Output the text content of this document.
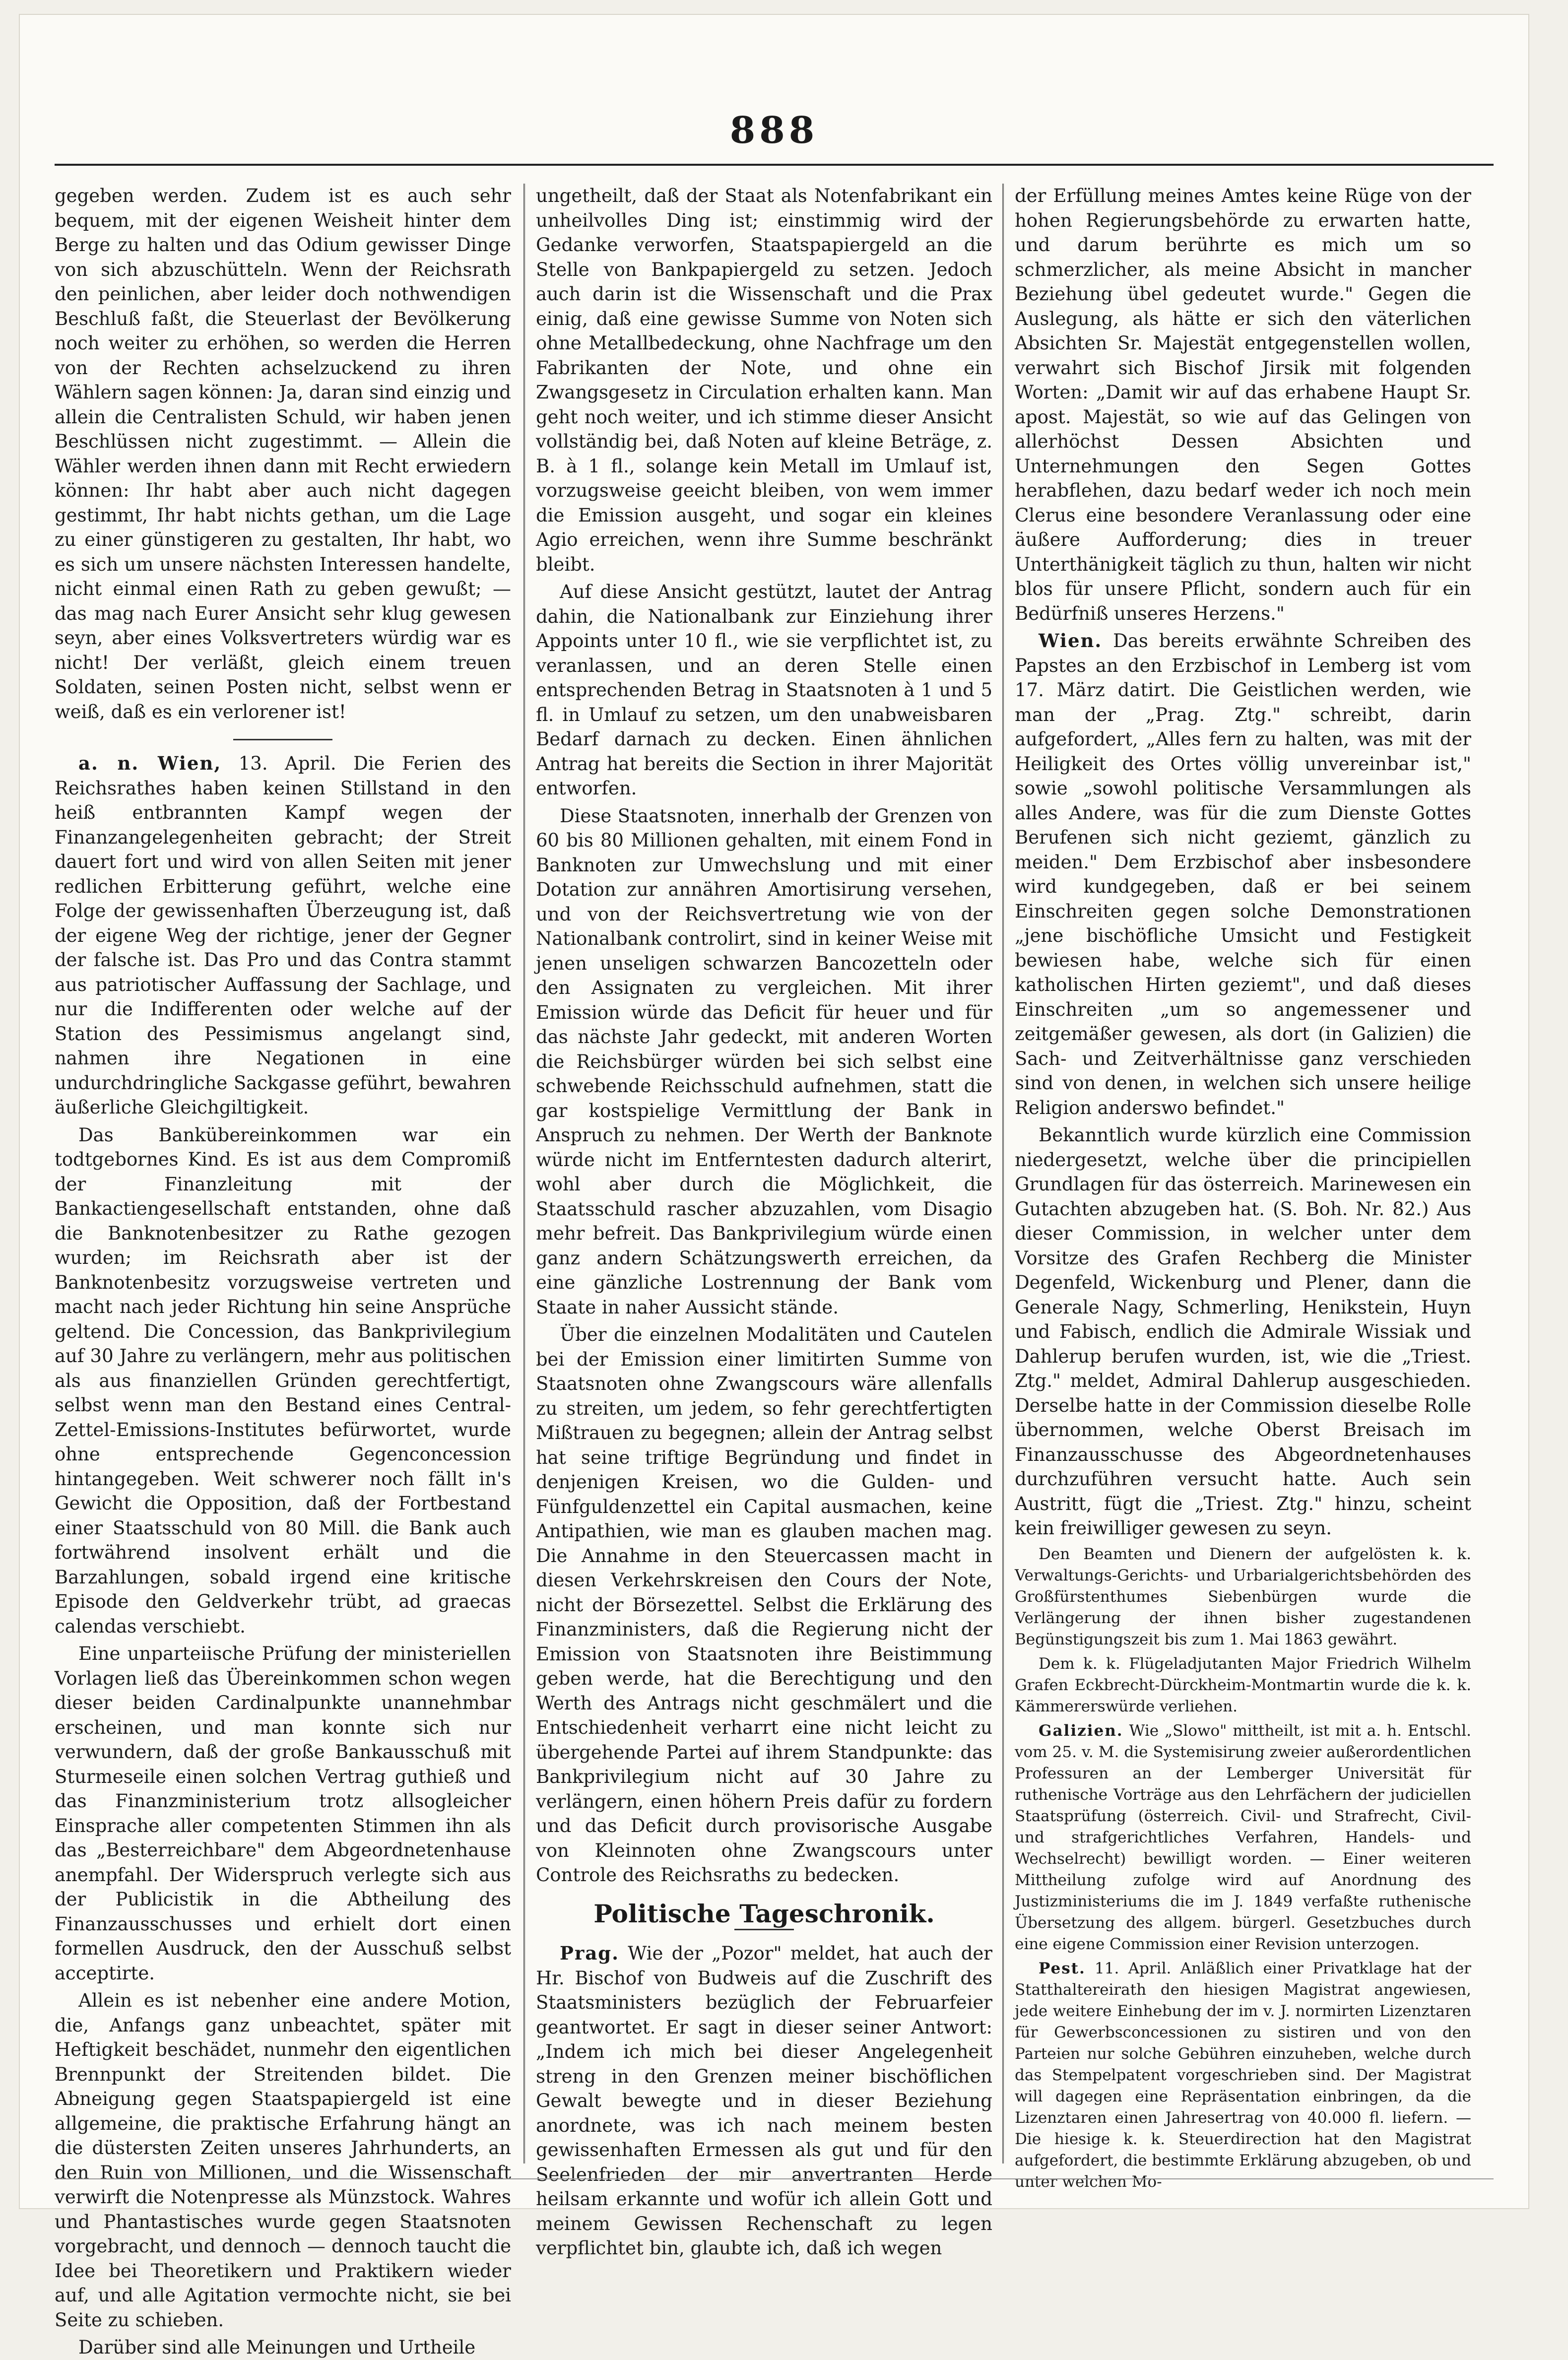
888

gegeben werden. Zudem ist es auch sehr bequem, mit der eigenen Weisheit hinter dem Berge zu halten und das Odium gewisser Dinge von sich abzuschütteln. Wenn der Reichsrath den peinlichen, aber leider doch nothwendigen Beschluß faßt, die Steuerlast der Bevölkerung noch weiter zu erhöhen, so werden die Herren von der Rechten achselzuckend zu ihren Wählern sagen können: Ja, daran sind einzig und allein die Centralisten Schuld, wir haben jenen Beschlüssen nicht zugestimmt. — Allein die Wähler werden ihnen dann mit Recht erwiedern können: Ihr habt aber auch nicht dagegen gestimmt, Ihr habt nichts gethan, um die Lage zu einer günstigeren zu gestalten, Ihr habt, wo es sich um unsere nächsten Interessen handelte, nicht einmal einen Rath zu geben gewußt; — das mag nach Eurer Ansicht sehr klug gewesen seyn, aber eines Volksvertreters würdig war es nicht! Der verläßt, gleich einem treuen Soldaten, seinen Posten nicht, selbst wenn er weiß, daß es ein verlorener ist!

a. n. Wien, 13. April. Die Ferien des Reichsrathes haben keinen Stillstand in den heiß entbrannten Kampf wegen der Finanzangelegenheiten gebracht; der Streit dauert fort und wird von allen Seiten mit jener redlichen Erbitterung geführt, welche eine Folge der gewissenhaften Überzeugung ist, daß der eigene Weg der richtige, jener der Gegner der falsche ist. Das Pro und das Contra stammt aus patriotischer Auffassung der Sachlage, und nur die Indifferenten oder welche auf der Station des Pessimismus angelangt sind, nahmen ihre Negationen in eine undurchdringliche Sackgasse geführt, bewahren äußerliche Gleichgiltigkeit.

Das Bankübereinkommen war ein todtgebornes Kind. Es ist aus dem Compromiß der Finanzleitung mit der Bankactiengesellschaft entstanden, ohne daß die Banknotenbesitzer zu Rathe gezogen wurden; im Reichsrath aber ist der Banknotenbesitz vorzugsweise vertreten und macht nach jeder Richtung hin seine Ansprüche geltend. Die Concession, das Bankprivilegium auf 30 Jahre zu verlängern, mehr aus politischen als aus finanziellen Gründen gerechtfertigt, selbst wenn man den Bestand eines Central-Zettel-Emissions-Institutes befürwortet, wurde ohne entsprechende Gegenconcession hintangegeben. Weit schwerer noch fällt in's Gewicht die Opposition, daß der Fortbestand einer Staatsschuld von 80 Mill. die Bank auch fortwährend insolvent erhält und die Barzahlungen, sobald irgend eine kritische Episode den Geldverkehr trübt, ad graecas calendas verschiebt.

Eine unparteiische Prüfung der ministeriellen Vorlagen ließ das Übereinkommen schon wegen dieser beiden Cardinalpunkte unannehmbar erscheinen, und man konnte sich nur verwundern, daß der große Bankausschuß mit Sturmeseile einen solchen Vertrag guthieß und das Finanzministerium trotz allsogleicher Einsprache aller competenten Stimmen ihn als das „Besterreichbare" dem Abgeordnetenhause anempfahl. Der Widerspruch verlegte sich aus der Publicistik in die Abtheilung des Finanzausschusses und erhielt dort einen formellen Ausdruck, den der Ausschuß selbst acceptirte.

Allein es ist nebenher eine andere Motion, die, Anfangs ganz unbeachtet, später mit Heftigkeit beschädet, nunmehr den eigentlichen Brennpunkt der Streitenden bildet. Die Abneigung gegen Staatspapiergeld ist eine allgemeine, die praktische Erfahrung hängt an die düstersten Zeiten unseres Jahrhunderts, an den Ruin von Millionen, und die Wissenschaft verwirft die Notenpresse als Münzstock. Wahres und Phantastisches wurde gegen Staatsnoten vorgebracht, und dennoch — dennoch taucht die Idee bei Theoretikern und Praktikern wieder auf, und alle Agitation vermochte nicht, sie bei Seite zu schieben.

Darüber sind alle Meinungen und Urtheile

ungetheilt, daß der Staat als Notenfabrikant ein unheilvolles Ding ist; einstimmig wird der Gedanke verworfen, Staatspapiergeld an die Stelle von Bankpapiergeld zu setzen. Jedoch auch darin ist die Wissenschaft und die Prax einig, daß eine gewisse Summe von Noten sich ohne Metallbedeckung, ohne Nachfrage um den Fabrikanten der Note, und ohne ein Zwangsgesetz in Circulation erhalten kann. Man geht noch weiter, und ich stimme dieser Ansicht vollständig bei, daß Noten auf kleine Beträge, z. B. à 1 fl., solange kein Metall im Umlauf ist, vorzugsweise geeicht bleiben, von wem immer die Emission ausgeht, und sogar ein kleines Agio erreichen, wenn ihre Summe beschränkt bleibt.

Auf diese Ansicht gestützt, lautet der Antrag dahin, die Nationalbank zur Einziehung ihrer Appoints unter 10 fl., wie sie verpflichtet ist, zu veranlassen, und an deren Stelle einen entsprechenden Betrag in Staatsnoten à 1 und 5 fl. in Umlauf zu setzen, um den unabweisbaren Bedarf darnach zu decken. Einen ähnlichen Antrag hat bereits die Section in ihrer Majorität entworfen.

Diese Staatsnoten, innerhalb der Grenzen von 60 bis 80 Millionen gehalten, mit einem Fond in Banknoten zur Umwechslung und mit einer Dotation zur annähren Amortisirung versehen, und von der Reichsvertretung wie von der Nationalbank controlirt, sind in keiner Weise mit jenen unseligen schwarzen Bancozetteln oder den Assignaten zu vergleichen. Mit ihrer Emission würde das Deficit für heuer und für das nächste Jahr gedeckt, mit anderen Worten die Reichsbürger würden bei sich selbst eine schwebende Reichsschuld aufnehmen, statt die gar kostspielige Vermittlung der Bank in Anspruch zu nehmen. Der Werth der Banknote würde nicht im Entferntesten dadurch alterirt, wohl aber durch die Möglichkeit, die Staatsschuld rascher abzuzahlen, vom Disagio mehr befreit. Das Bankprivilegium würde einen ganz andern Schätzungswerth erreichen, da eine gänzliche Lostrennung der Bank vom Staate in naher Aussicht stände.

Über die einzelnen Modalitäten und Cautelen bei der Emission einer limitirten Summe von Staatsnoten ohne Zwangscours wäre allenfalls zu streiten, um jedem, so fehr gerechtfertigten Mißtrauen zu begegnen; allein der Antrag selbst hat seine triftige Begründung und findet in denjenigen Kreisen, wo die Gulden- und Fünfguldenzettel ein Capital ausmachen, keine Antipathien, wie man es glauben machen mag. Die Annahme in den Steuercassen macht in diesen Verkehrskreisen den Cours der Note, nicht der Börsezettel. Selbst die Erklärung des Finanzministers, daß die Regierung nicht der Emission von Staatsnoten ihre Beistimmung geben werde, hat die Berechtigung und den Werth des Antrags nicht geschmälert und die Entschiedenheit verharrt eine nicht leicht zu übergehende Partei auf ihrem Standpunkte: das Bankprivilegium nicht auf 30 Jahre zu verlängern, einen höhern Preis dafür zu fordern und das Deficit durch provisorische Ausgabe von Kleinnoten ohne Zwangscours unter Controle des Reichsraths zu bedecken.

Politische Tageschronik.

Prag. Wie der „Pozor" meldet, hat auch der Hr. Bischof von Budweis auf die Zuschrift des Staatsministers bezüglich der Februarfeier geantwortet. Er sagt in dieser seiner Antwort: „Indem ich mich bei dieser Angelegenheit streng in den Grenzen meiner bischöflichen Gewalt bewegte und in dieser Beziehung anordnete, was ich nach meinem besten gewissenhaften Ermessen als gut und für den Seelenfrieden der mir anvertranten Herde heilsam erkannte und wofür ich allein Gott und meinem Gewissen Rechenschaft zu legen verpflichtet bin, glaubte ich, daß ich wegen

der Erfüllung meines Amtes keine Rüge von der hohen Regierungsbehörde zu erwarten hatte, und darum berührte es mich um so schmerzlicher, als meine Absicht in mancher Beziehung übel gedeutet wurde." Gegen die Auslegung, als hätte er sich den väterlichen Absichten Sr. Majestät entgegenstellen wollen, verwahrt sich Bischof Jirsik mit folgenden Worten: „Damit wir auf das erhabene Haupt Sr. apost. Majestät, so wie auf das Gelingen von allerhöchst Dessen Absichten und Unternehmungen den Segen Gottes herabflehen, dazu bedarf weder ich noch mein Clerus eine besondere Veranlassung oder eine äußere Aufforderung; dies in treuer Unterthänigkeit täglich zu thun, halten wir nicht blos für unsere Pflicht, sondern auch für ein Bedürfniß unseres Herzens."

Wien. Das bereits erwähnte Schreiben des Papstes an den Erzbischof in Lemberg ist vom 17. März datirt. Die Geistlichen werden, wie man der „Prag. Ztg." schreibt, darin aufgefordert, „Alles fern zu halten, was mit der Heiligkeit des Ortes völlig unvereinbar ist," sowie „sowohl politische Versammlungen als alles Andere, was für die zum Dienste Gottes Berufenen sich nicht geziemt, gänzlich zu meiden." Dem Erzbischof aber insbesondere wird kundgegeben, daß er bei seinem Einschreiten gegen solche Demonstrationen „jene bischöfliche Umsicht und Festigkeit bewiesen habe, welche sich für einen katholischen Hirten geziemt", und daß dieses Einschreiten „um so angemessener und zeitgemäßer gewesen, als dort (in Galizien) die Sach- und Zeitverhältnisse ganz verschieden sind von denen, in welchen sich unsere heilige Religion anderswo befindet."

Bekanntlich wurde kürzlich eine Commission niedergesetzt, welche über die principiellen Grundlagen für das österreich. Marinewesen ein Gutachten abzugeben hat. (S. Boh. Nr. 82.) Aus dieser Commission, in welcher unter dem Vorsitze des Grafen Rechberg die Minister Degenfeld, Wickenburg und Plener, dann die Generale Nagy, Schmerling, Henikstein, Huyn und Fabisch, endlich die Admirale Wissiak und Dahlerup berufen wurden, ist, wie die „Triest. Ztg." meldet, Admiral Dahlerup ausgeschieden. Derselbe hatte in der Commission dieselbe Rolle übernommen, welche Oberst Breisach im Finanzausschusse des Abgeordnetenhauses durchzuführen versucht hatte. Auch sein Austritt, fügt die „Triest. Ztg." hinzu, scheint kein freiwilliger gewesen zu seyn.

Den Beamten und Dienern der aufgelösten k. k. Verwaltungs-Gerichts- und Urbarialgerichtsbehörden des Großfürstenthumes Siebenbürgen wurde die Verlängerung der ihnen bisher zugestandenen Begünstigungszeit bis zum 1. Mai 1863 gewährt.

Dem k. k. Flügeladjutanten Major Friedrich Wilhelm Grafen Eckbrecht-Dürckheim-Montmartin wurde die k. k. Kämmererswürde verliehen.

Galizien. Wie „Slowo" mittheilt, ist mit a. h. Entschl. vom 25. v. M. die Systemisirung zweier außerordentlichen Professuren an der Lemberger Universität für ruthenische Vorträge aus den Lehrfächern der judiciellen Staatsprüfung (österreich. Civil- und Strafrecht, Civil- und strafgerichtliches Verfahren, Handels- und Wechselrecht) bewilligt worden. — Einer weiteren Mittheilung zufolge wird auf Anordnung des Justizministeriums die im J. 1849 verfaßte ruthenische Übersetzung des allgem. bürgerl. Gesetzbuches durch eine eigene Commission einer Revision unterzogen.

Pest. 11. April. Anläßlich einer Privatklage hat der Statthaltereirath den hiesigen Magistrat angewiesen, jede weitere Einhebung der im v. J. normirten Lizenztaren für Gewerbsconcessionen zu sistiren und von den Parteien nur solche Gebühren einzuheben, welche durch das Stempelpatent vorgeschrieben sind. Der Magistrat will dagegen eine Repräsentation einbringen, da die Lizenztaren einen Jahresertrag von 40.000 fl. liefern. — Die hiesige k. k. Steuerdirection hat den Magistrat aufgefordert, die bestimmte Erklärung abzugeben, ob und unter welchen Mo-
